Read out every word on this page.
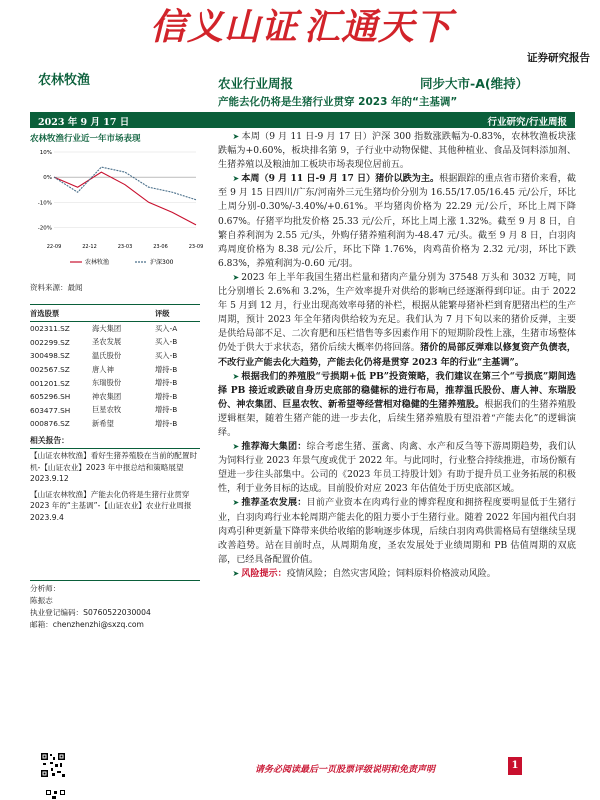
信义山证 汇通天下
证券研究报告
农林牧渔	农业行业周报	同步大市-A(维持）
产能去化仍将是生猪行业贯穿 2023 年的“主基调”
2023 年 9 月 17 日	行业研究/行业周报
农林牧渔行业近一年市场表现
10%
0%
-10%
-20%
22-09	22-12	23-03	23-06	23-09
农林牧渔	沪深300
资料来源：最闻
首选股票		评级
002311.SZ	海大集团	买入-A
002299.SZ	圣农发展	买入-B
300498.SZ	温氏股份	买入-B
002567.SZ	唐人神	增持-B
001201.SZ	东瑞股份	增持-B
605296.SH	神农集团	增持-B
603477.SH	巨星农牧	增持-B
000876.SZ	新希望	增持-B
相关报告：

【山证农林牧渔】看好生猪养殖股在当前的配置时机-【山证农业】2023 年中报总结和策略展望 2023.9.12

【山证农林牧渔】产能去化仍将是生猪行业贯穿 2023 年的“主基调”-【山证农业】农业行业周报 2023.9.4

分析师：
陈振志
执业登记编码：S0760522030004
邮箱：chenzhenzhi@sxzq.com
➤ 本周（9 月 11 日-9 月 17 日）沪深 300 指数涨跌幅为-0.83%，农林牧渔板块涨跌幅为+0.60%，板块排名第 9，子行业中动物保健、其他种植业、食品及饲料添加剂、生猪养殖以及粮油加工板块市场表现位居前五。
➤ 本周（9 月 11 日-9 月 17 日）猪价以跌为主。根据跟踪的重点省市猪价来看，截至 9 月 15 日四川/广东/河南外三元生猪均价分别为 16.55/17.05/16.45 元/公斤，环比上周分别-0.30%/-3.40%/+0.61%。平均猪肉价格为 22.29 元/公斤，环比上周下降 0.67%。仔猪平均批发价格 25.33 元/公斤，环比上周上涨 1.32%。截至 9 月 8 日，自繁自养利润为 2.55 元/头，外购仔猪养殖利润为-48.47 元/头。截至 9 月 8 日，白羽肉鸡周度价格为 8.38 元/公斤，环比下降 1.76%，肉鸡苗价格为 2.32 元/羽，环比下跌 6.83%，养殖利润为-0.60 元/羽。
➤ 2023 年上半年我国生猪出栏量和猪肉产量分别为 37548 万头和 3032 万吨，同比分别增长 2.6%和 3.2%，生产效率提升对供给的影响已经逐渐得到印证。由于 2022 年 5 月到 12 月，行业出现高效率母猪的补栏，根据从能繁母猪补栏到育肥猪出栏的生产周期，预计 2023 年全年猪肉供给较为充足。我们认为 7 月下旬以来的猪价反弹，主要是供给局部不足、二次育肥和压栏惜售等多因素作用下的短期阶段性上涨，生猪市场整体仍处于供大于求状态，猪价后续大概率仍将回落。猪价的局部反弹难以修复资产负债表，不改行业产能去化大趋势，产能去化仍将是贯穿 2023 年的行业“主基调”。
➤ 根据我们的养殖股“亏损期+低 PB”投资策略，我们建议在第三个“亏损底”期间选择 PB 接近或跌破自身历史底部的稳健标的进行布局，推荐温氏股份、唐人神、东瑞股份、神农集团、巨星农牧、新希望等经营相对稳健的生猪养殖股。根据我们的生猪养殖股逻辑框架，随着生猪产能的进一步去化，后续生猪养殖股有望沿着“产能去化”的逻辑演绎。
➤ 推荐海大集团：综合考虑生猪、蛋禽、肉禽、水产和反刍等下游周期趋势，我们认为饲料行业 2023 年景气度或优于 2022 年。与此同时，行业整合持续推进，市场份额有望进一步往头部集中。公司的《2023 年员工持股计划》有助于提升员工业务拓展的积极性，利于业务目标的达成。目前股价对应 2023 年估值处于历史底部区域。
➤ 推荐圣农发展：目前产业资本在肉鸡行业的博弈程度和拥挤程度要明显低于生猪行业，白羽肉鸡行业本轮周期产能去化的阻力要小于生猪行业。随着 2022 年国内祖代白羽肉鸡引种更新量下降带来供给收缩的影响逐步体现，后续白羽肉鸡供需格局有望继续呈现改善趋势。站在目前时点，从周期角度，圣农发展处于业绩周期和 PB 估值周期的双底部，已经具备配置价值。
➤ 风险提示：疫情风险；自然灾害风险；饲料原料价格波动风险。
请务必阅读最后一页股票评级说明和免责声明	1
